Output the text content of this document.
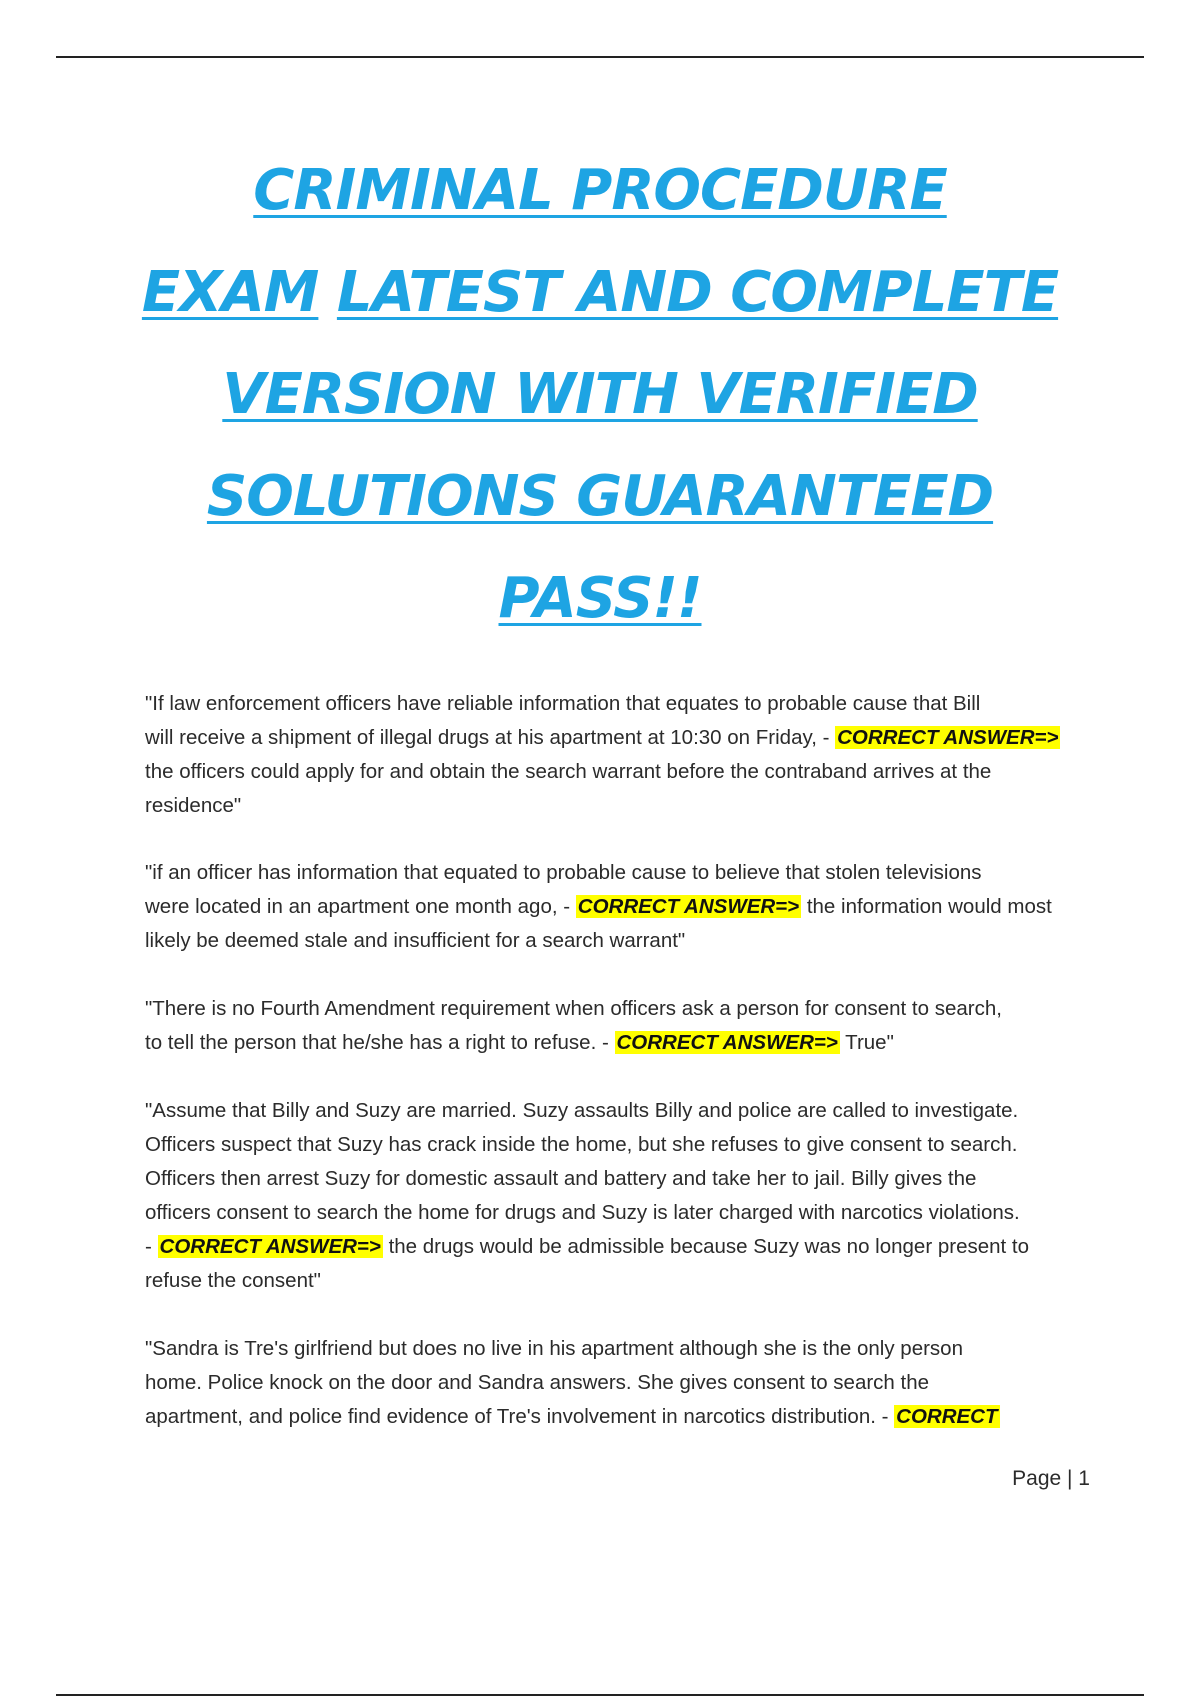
CRIMINAL PROCEDURE
EXAM LATEST AND COMPLETE
VERSION WITH VERIFIED
SOLUTIONS GUARANTEED
PASS!!

"If law enforcement officers have reliable information that equates to probable cause that Bill
will receive a shipment of illegal drugs at his apartment at 10:30 on Friday, - CORRECT ANSWER=>
the officers could apply for and obtain the search warrant before the contraband arrives at the
residence"

"if an officer has information that equated to probable cause to believe that stolen televisions
were located in an apartment one month ago, - CORRECT ANSWER=> the information would most
likely be deemed stale and insufficient for a search warrant"

"There is no Fourth Amendment requirement when officers ask a person for consent to search,
to tell the person that he/she has a right to refuse. - CORRECT ANSWER=> True"

"Assume that Billy and Suzy are married. Suzy assaults Billy and police are called to investigate.
Officers suspect that Suzy has crack inside the home, but she refuses to give consent to search.
Officers then arrest Suzy for domestic assault and battery and take her to jail. Billy gives the
officers consent to search the home for drugs and Suzy is later charged with narcotics violations.
- CORRECT ANSWER=> the drugs would be admissible because Suzy was no longer present to
refuse the consent"

"Sandra is Tre's girlfriend but does no live in his apartment although she is the only person
home. Police knock on the door and Sandra answers. She gives consent to search the
apartment, and police find evidence of Tre's involvement in narcotics distribution. - CORRECT

Page | 1
